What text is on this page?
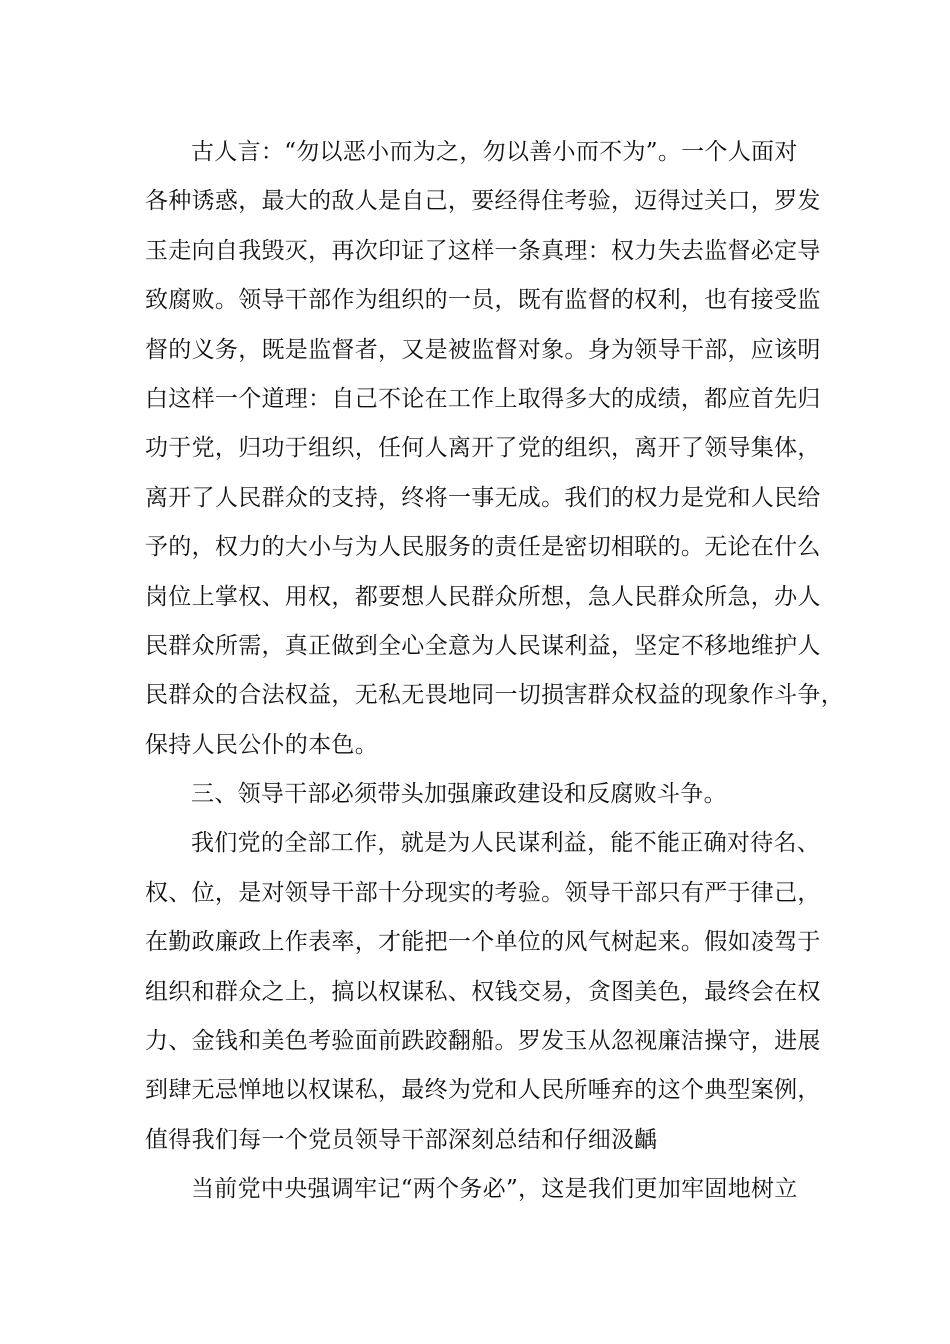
古人言：“勿以恶小而为之，勿以善小而不为”。一个人面对
各种诱惑，最大的敌人是自己，要经得住考验，迈得过关口，罗发
玉走向自我毁灭，再次印证了这样一条真理：权力失去监督必定导
致腐败。领导干部作为组织的一员，既有监督的权利，也有接受监
督的义务，既是监督者，又是被监督对象。身为领导干部，应该明
白这样一个道理：自己不论在工作上取得多大的成绩，都应首先归
功于党，归功于组织，任何人离开了党的组织，离开了领导集体，
离开了人民群众的支持，终将一事无成。我们的权力是党和人民给
予的，权力的大小与为人民服务的责任是密切相联的。无论在什么
岗位上掌权、用权，都要想人民群众所想，急人民群众所急，办人
民群众所需，真正做到全心全意为人民谋利益，坚定不移地维护人
民群众的合法权益，无私无畏地同一切损害群众权益的现象作斗争，
保持人民公仆的本色。
三、领导干部必须带头加强廉政建设和反腐败斗争。
我们党的全部工作，就是为人民谋利益，能不能正确对待名、
权、位，是对领导干部十分现实的考验。领导干部只有严于律己，
在勤政廉政上作表率，才能把一个单位的风气树起来。假如凌驾于
组织和群众之上，搞以权谋私、权钱交易，贪图美色，最终会在权
力、金钱和美色考验面前跌跤翻船。罗发玉从忽视廉洁操守，进展
到肆无忌惮地以权谋私，最终为党和人民所唾弃的这个典型案例，
值得我们每一个党员领导干部深刻总结和仔细汲齲
当前党中央强调牢记“两个务必”，这是我们更加牢固地树立
